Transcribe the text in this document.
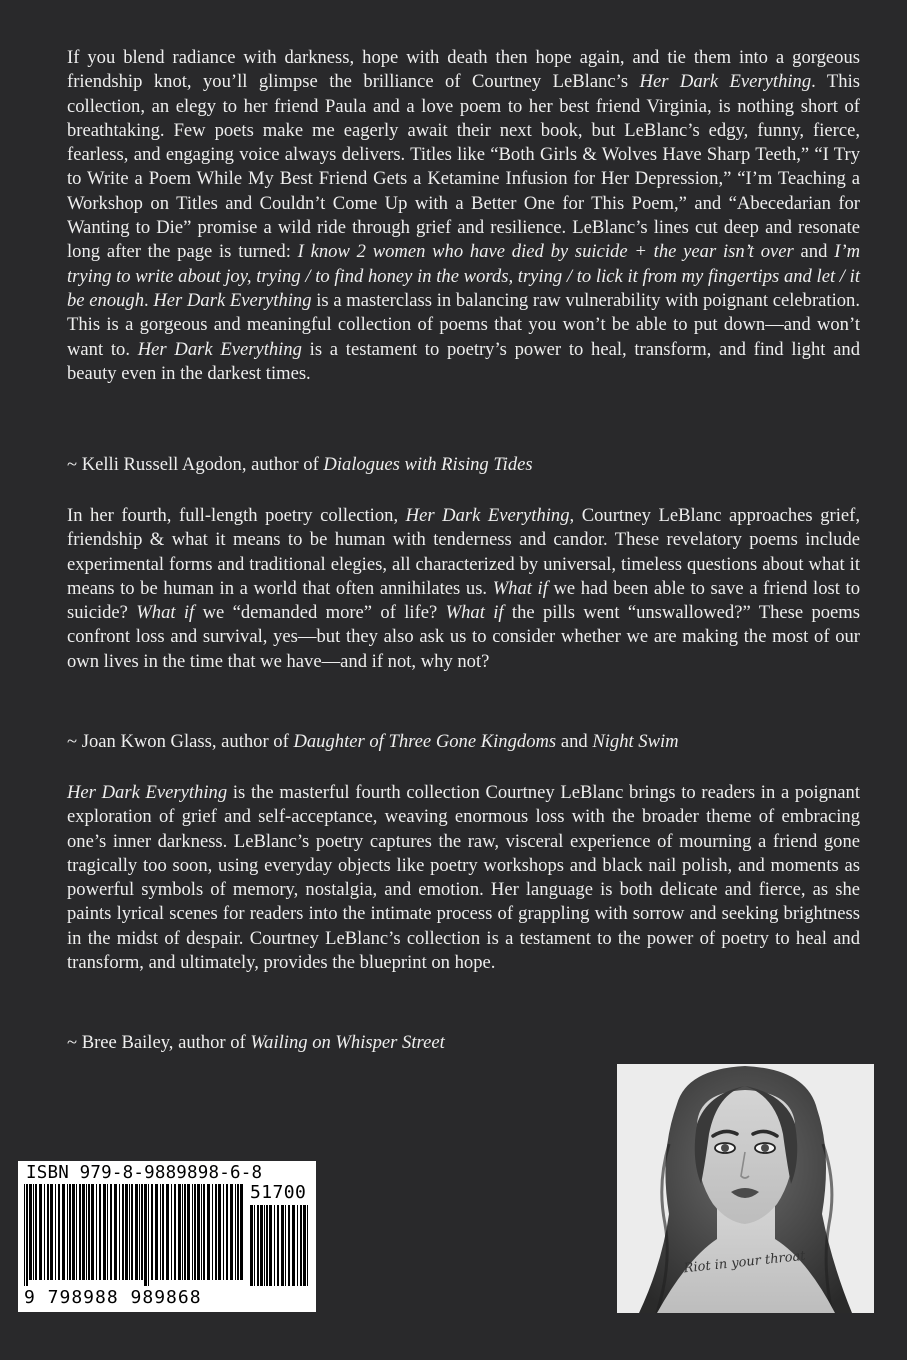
If you blend radiance with darkness, hope with death then hope again, and tie them into a gorgeous friendship knot, you’ll glimpse the brilliance of Courtney LeBlanc’s Her Dark Everything. This collection, an elegy to her friend Paula and a love poem to her best friend Virginia, is nothing short of breathtaking. Few poets make me eagerly await their next book, but LeBlanc’s edgy, funny, fierce, fearless, and engaging voice always delivers. Titles like “Both Girls & Wolves Have Sharp Teeth,” “I Try to Write a Poem While My Best Friend Gets a Ketamine Infusion for Her Depression,” “I’m Teaching a Workshop on Titles and Couldn’t Come Up with a Better One for This Poem,” and “Abecedarian for Wanting to Die” promise a wild ride through grief and resilience. LeBlanc’s lines cut deep and resonate long after the page is turned: I know 2 women who have died by suicide + the year isn’t over and I’m trying to write about joy, trying / to find honey in the words, trying / to lick it from my fingertips and let / it be enough. Her Dark Everything is a masterclass in balancing raw vulnerability with poignant celebration. This is a gorgeous and meaningful collection of poems that you won’t be able to put down—and won’t want to. Her Dark Everything is a testament to poetry’s power to heal, transform, and find light and beauty even in the darkest times.

~ Kelli Russell Agodon, author of Dialogues with Rising Tides

In her fourth, full-length poetry collection, Her Dark Everything, Courtney LeBlanc approaches grief, friendship & what it means to be human with tenderness and candor. These revelatory poems include experimental forms and traditional elegies, all characterized by universal, timeless questions about what it means to be human in a world that often annihilates us. What if we had been able to save a friend lost to suicide? What if we “demanded more” of life? What if the pills went “unswallowed?” These poems confront loss and survival, yes—but they also ask us to consider whether we are making the most of our own lives in the time that we have—and if not, why not?

~ Joan Kwon Glass, author of Daughter of Three Gone Kingdoms and Night Swim

Her Dark Everything is the masterful fourth collection Courtney LeBlanc brings to readers in a poignant exploration of grief and self-acceptance, weaving enormous loss with the broader theme of embracing one’s inner darkness. LeBlanc’s poetry captures the raw, visceral experience of mourning a friend gone tragically too soon, using everyday objects like poetry workshops and black nail polish, and moments as powerful symbols of memory, nostalgia, and emotion. Her language is both delicate and fierce, as she paints lyrical scenes for readers into the intimate process of grappling with sorrow and seeking brightness in the midst of despair. Courtney LeBlanc’s collection is a testament to the power of poetry to heal and transform, and ultimately, provides the blueprint on hope.

~ Bree Bailey, author of Wailing on Whisper Street

ISBN 979-8-9889898-6-8
51700
9 798988 989868
Riot in your throat
